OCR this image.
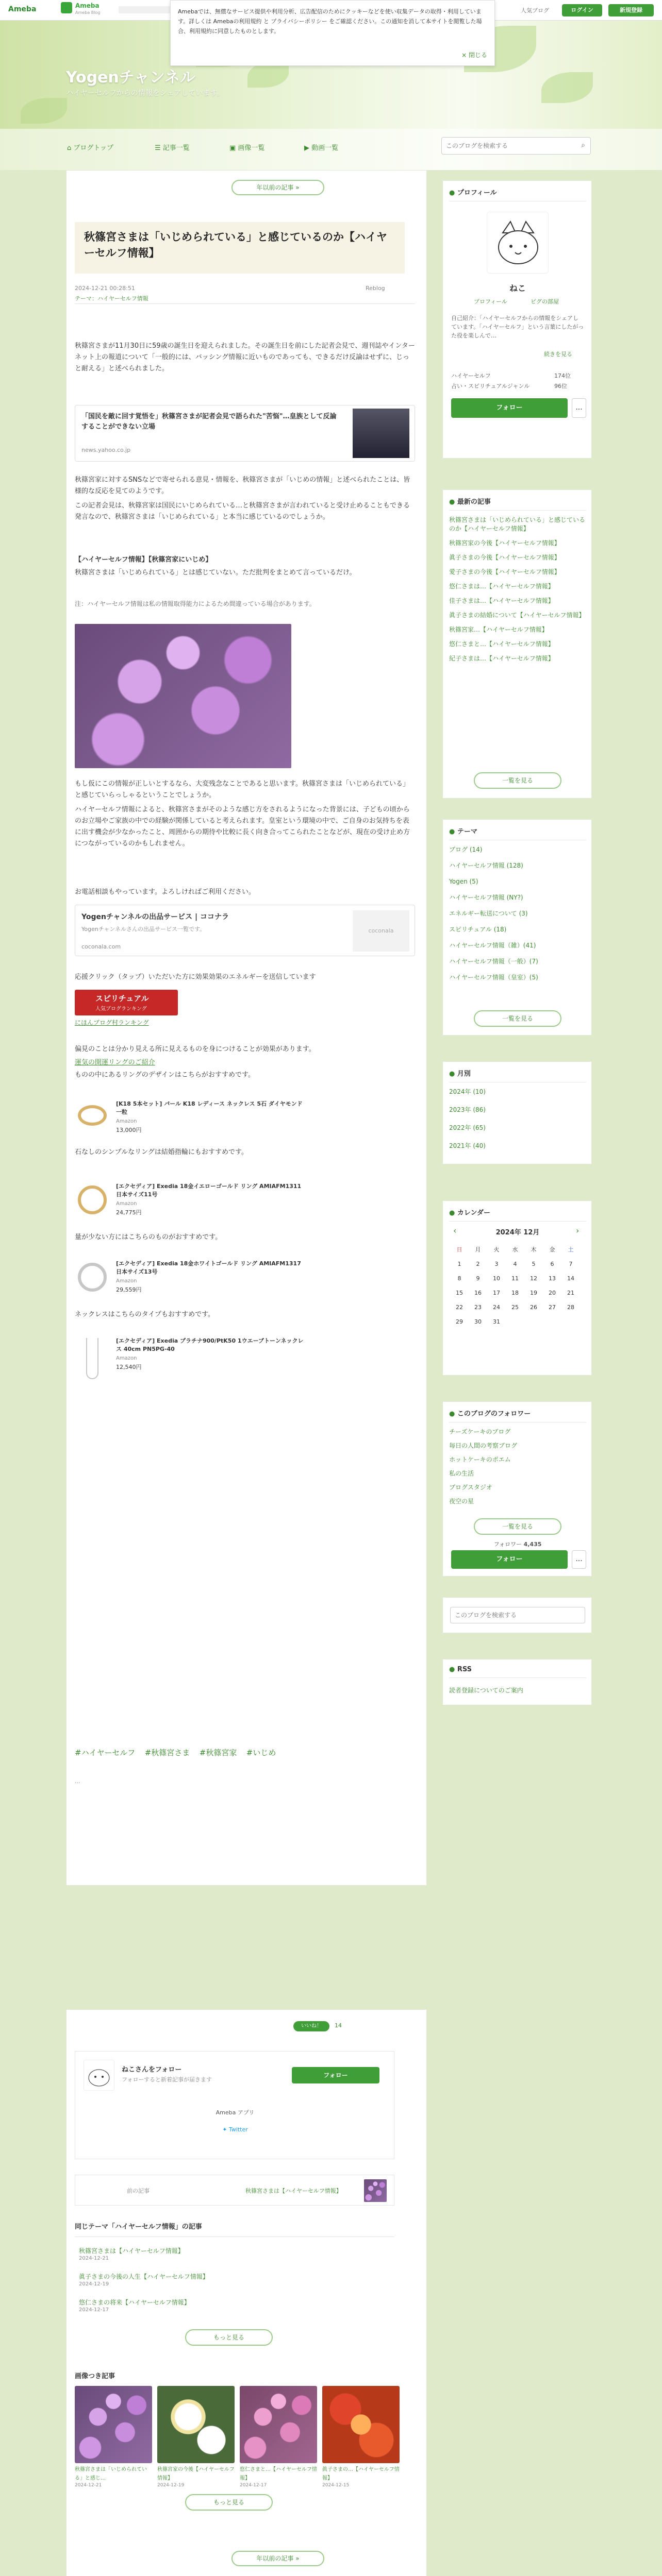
Ameba	Ameba
Ameba Blog	人気ブログ	ログイン	新規登録
Amebaでは、無償なサービス提供や利用分析、広告配信のためにクッキーなどを使い収集データの取得・利用しています。詳しくは Amebaの利用規約 と プライバシーポリシー をご確認ください。この通知を消して本サイトを閲覧した場合、利用規約に同意したものとします。
× 閉じる
Yogenチャンネル
ハイヤーセルフからの情報をシェアしています。
⌂ ブログトップ	☰ 記事一覧	▣ 画像一覧	▶ 動画一覧
このブログを検索する	⌕
年以前の記事 »
秋篠宮さまは「いじめられている」と感じているのか【ハイヤーセルフ情報】
2024-12-21 00:28:51	Reblog
テーマ：ハイヤーセルフ情報
秋篠宮さまが11月30日に59歳の誕生日を迎えられました。その誕生日を前にした記者会見で、週刊誌やインターネット上の報道について「一般的には、バッシング情報に近いものであっても、できるだけ反論はせずに、じっと耐える」と述べられました。
「国民を敵に回す覚悟を」秋篠宮さまが記者会見で語られた"苦悩"…皇族として反論することができない立場
news.yahoo.co.jp
秋篠宮家に対するSNSなどで寄せられる意見・情報を、秋篠宮さまが「いじめの情報」と述べられたことは、皆様的な反応を見てのようです。
この記者会見は、秋篠宮家は国民にいじめられている…と秋篠宮さまが言われていると受け止めることもできる発言なので、秋篠宮さまは「いじめられている」と本当に感じているのでしょうか。
【ハイヤーセルフ情報】【秋篠宮家にいじめ】
秋篠宮さまは「いじめられている」とは感じていない。ただ批判をまとめて言っているだけ。
注：ハイヤーセルフ情報は私の情報取得能力によるため間違っている場合があります。
もし仮にこの情報が正しいとするなら、大変残念なことであると思います。秋篠宮さまは「いじめられている」と感じていらっしゃるということでしょうか。
ハイヤーセルフ情報によると、秋篠宮さまがそのような感じ方をされるようになった背景には、子どもの頃からのお立場やご家族の中での経験が関係していると考えられます。皇室という環境の中で、ご自身のお気持ちを表に出す機会が少なかったこと、周囲からの期待や比較に長く向き合ってこられたことなどが、現在の受け止め方につながっているのかもしれません。
お電話相談もやっています。よろしければご利用ください。
Yogenチャンネルの出品サービス | ココナラ
Yogenチャンネルさんの出品サービス一覧です。
coconala.com
coconala
応援クリック（タップ）いただいた方に効果効果のエネルギーを送信しています
スピリチュアル
人気ブログランキング
にほんブログ村ランキング
偏見のことは分かり見える所に見えるものを身につけることが効果があります。
運気の開運リングのご紹介
ものの中にあるリングのデザインはこちらがおすすめです。
[K18 5本セット] パール K18 レディース ネックレス 5石 ダイヤモンド 一粒
Amazon
13,000円
石なしのシンプルなリングは結婚指輪にもおすすめです。
[エクセディア] Exedia 18金イエローゴールド リング AMIAFM1311 日本サイズ11号
Amazon
24,775円
量が少ない方にはこちらのものがおすすめです。
[エクセディア] Exedia 18金ホワイトゴールド リング AMIAFM1317 日本サイズ13号
Amazon
29,559円
ネックレスはこちらのタイプもおすすめです。
[エクセディア] Exedia プラチナ900/PtK50 1ウエーブトーンネックレス 40cm PN5PG-40
Amazon
12,540円
#ハイヤーセルフ #秋篠宮さま #秋篠宮家 #いじめ
...
● プロフィール
ねこ
プロフィール	ピグの部屋
自己紹介：「ハイヤーセルフからの情報をシェアしています。「ハイヤーセルフ」という言葉にしたがった役を楽しんで…
続きを見る
ハイヤーセルフ	174位
占い・スピリチュアルジャンル	96位
フォロー	...
● 最新の記事
秋篠宮さまは「いじめられている」と感じているのか【ハイヤーセルフ情報】
秋篠宮家の今後【ハイヤーセルフ情報】
眞子さまの今後【ハイヤーセルフ情報】
愛子さまの今後【ハイヤーセルフ情報】
悠仁さまは…【ハイヤーセルフ情報】
佳子さまは…【ハイヤーセルフ情報】
眞子さまの結婚について【ハイヤーセルフ情報】
秋篠宮家…【ハイヤーセルフ情報】
悠仁さまと…【ハイヤーセルフ情報】
紀子さまは…【ハイヤーセルフ情報】
一覧を見る
● テーマ
ブログ (14)
ハイヤーセルフ情報 (128)
Yogen (5)
ハイヤーセルフ情報 (NY?)
エネルギー転送について (3)
スピリチュアル (18)
ハイヤーセルフ情報（雑）(41)
ハイヤーセルフ情報（一般）(7)
ハイヤーセルフ情報（皇室）(5)
一覧を見る
● 月別
2024年 (10)
2023年 (86)
2022年 (65)
2021年 (40)
● カレンダー
‹	2024年 12月	›
日	月	火	水	木	金	土
1	2	3	4	5	6	7
8	9	10	11	12	13	14
15	16	17	18	19	20	21
22	23	24	25	26	27	28
29	30	31				
● このブログのフォロワー
チーズケーキのブログ
毎日の人間の考察ブログ
ホットケーキのポエム
私の生活
ブログスタジオ
夜空の星
一覧を見る
フォロワー 4,435
フォロー	...
このブログを検索する
● RSS
読者登録についてのご案内
いいね！	14
ねこさんをフォロー
フォローすると新着記事が届きます
フォロー
Ameba アプリ
✦ Twitter
前の記事	秋篠宮さまは【ハイヤーセルフ情報】
同じテーマ「ハイヤーセルフ情報」の記事
秋篠宮さまは【ハイヤーセルフ情報】
2024-12-21
眞子さまの今後の人生【ハイヤーセルフ情報】
2024-12-19
悠仁さまの将来【ハイヤーセルフ情報】
2024-12-17
もっと見る
画像つき記事
秋篠宮さまは「いじめられている」と感じ…
2024-12-21
秋篠宮家の今後【ハイヤーセルフ情報】
2024-12-19
悠仁さまと…【ハイヤーセルフ情報】
2024-12-17
眞子さまの…【ハイヤーセルフ情報】
2024-12-15
もっと見る
年以前の記事 »
